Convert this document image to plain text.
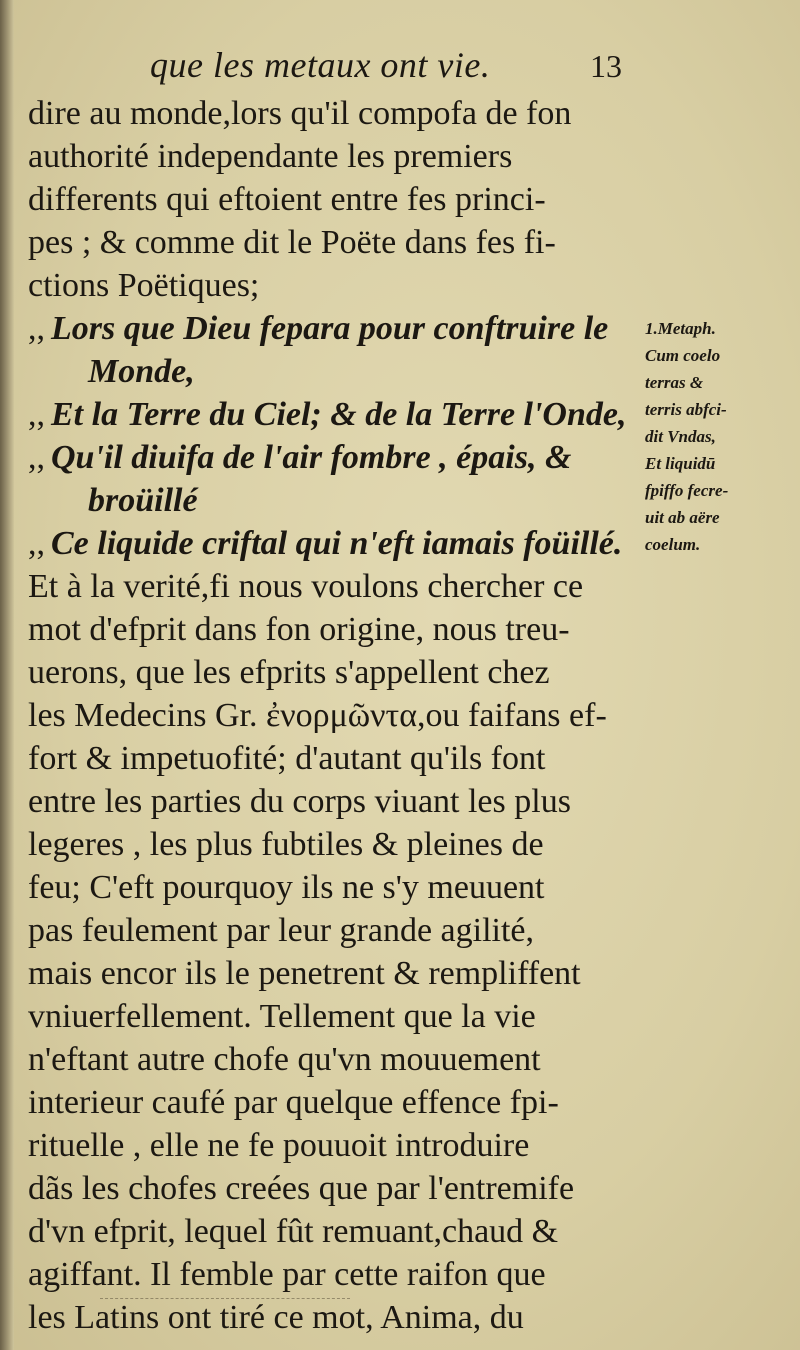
que les metaux ont vie.	13
dire au monde,lors qu'il compofa de fon
authorité independante les premiers
differents qui eftoient entre fes princi-
pes ; & comme dit le Poëte dans fes fi-
ctions Poëtiques;
,, Lors que Dieu fepara pour conftruire le
Monde,
,, Et la Terre du Ciel; & de la Terre l'Onde,
,, Qu'il diuifa de l'air fombre , épais, &
broüillé
,, Ce liquide criftal qui n'eft iamais foüillé.
Et à la verité,fi nous voulons chercher ce
mot d'efprit dans fon origine, nous treu-
uerons, que les efprits s'appellent chez
les Medecins Gr. ἐνορμῶντα,ou faifans ef-
fort & impetuofité; d'autant qu'ils font
entre les parties du corps viuant les plus
legeres , les plus fubtiles & pleines de
feu; C'eft pourquoy ils ne s'y meuuent
pas feulement par leur grande agilité,
mais encor ils le penetrent & rempliffent
vniuerfellement. Tellement que la vie
n'eftant autre chofe qu'vn mouuement
interieur caufé par quelque effence fpi-
rituelle , elle ne fe pouuoit introduire
dãs les chofes creées que par l'entremife
d'vn efprit, lequel fût remuant,chaud &
agiffant. Il femble par cette raifon que
les Latins ont tiré ce mot, Anima, du
1.Metaph.
Cum coelo
terras &
terris abfci-
dit Vndas,
Et liquidū
fpiffo fecre-
uit ab aëre
coelum.
